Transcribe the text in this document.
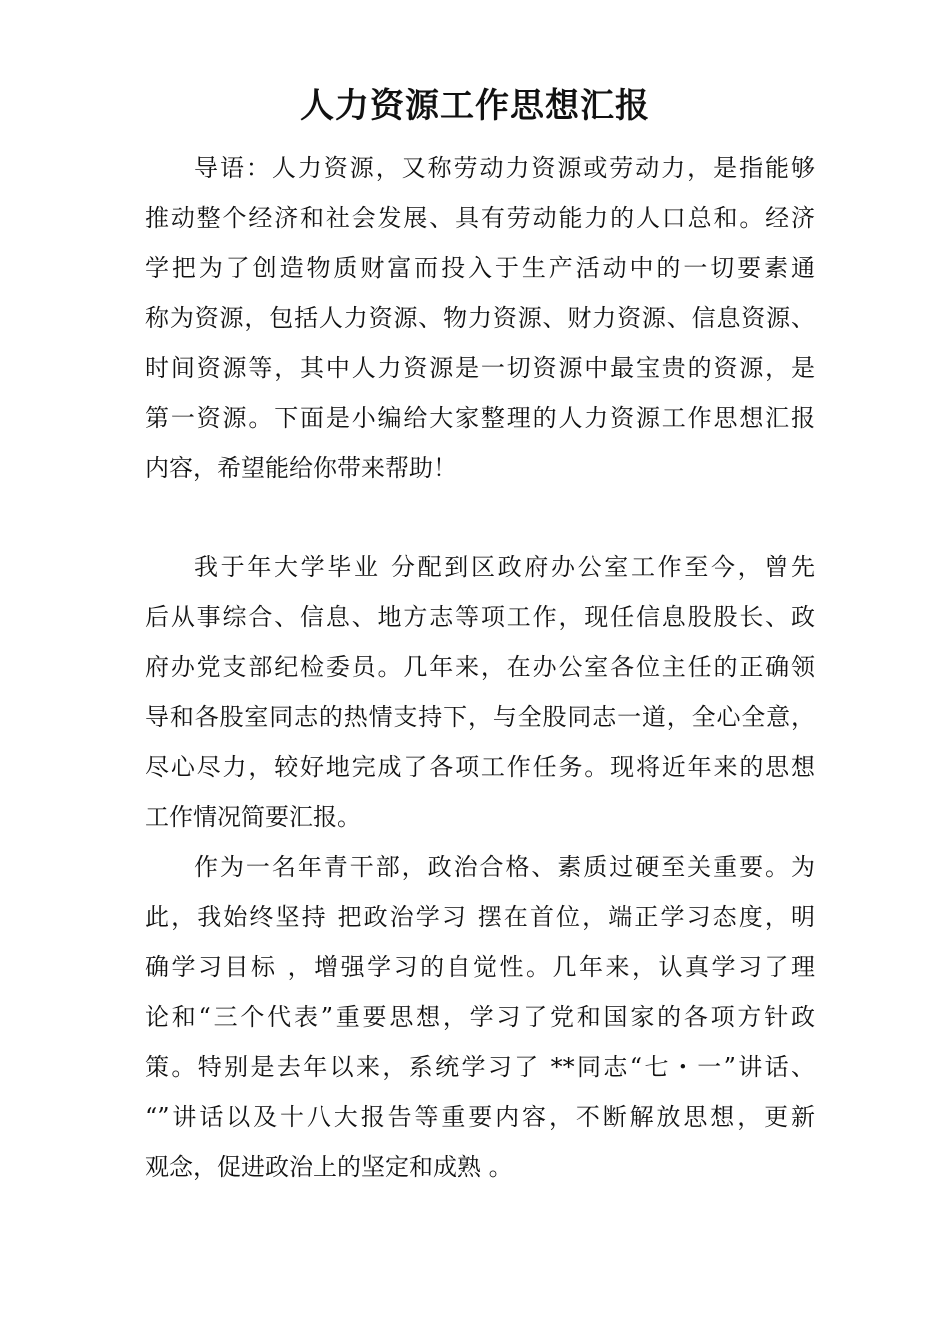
人力资源工作思想汇报
导语：人力资源，又称劳动力资源或劳动力，是指能够
推动整个经济和社会发展、具有劳动能力的人口总和。经济
学把为了创造物质财富而投入于生产活动中的一切要素通
称为资源，包括人力资源、物力资源、财力资源、信息资源、
时间资源等，其中人力资源是一切资源中最宝贵的资源，是
第一资源。下面是小编给大家整理的人力资源工作思想汇报
内容，希望能给你带来帮助！
我于年大学毕业 分配到区政府办公室工作至今，曾先
后从事综合、信息、地方志等项工作，现任信息股股长、政
府办党支部纪检委员。几年来，在办公室各位主任的正确领
导和各股室同志的热情支持下，与全股同志一道，全心全意，
尽心尽力，较好地完成了各项工作任务。现将近年来的思想
工作情况简要汇报。
作为一名年青干部，政治合格、素质过硬至关重要。为
此，我始终坚持 把政治学习 摆在首位，端正学习态度，明
确学习目标 ，增强学习的自觉性。几年来，认真学习了理
论和“三个代表”重要思想，学习了党和国家的各项方针政
策。特别是去年以来，系统学习了 **同志“七・一”讲话、
“”讲话以及十八大报告等重要内容，不断解放思想，更新
观念，促进政治上的坚定和成熟 。
